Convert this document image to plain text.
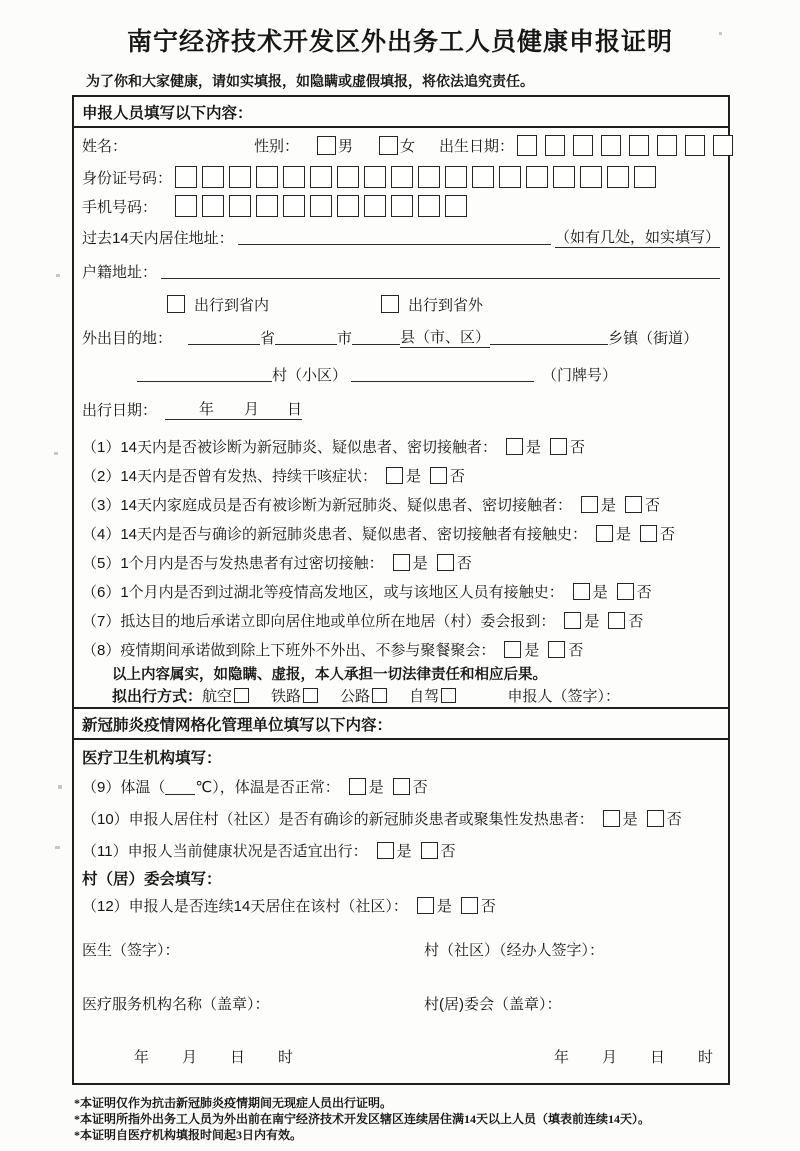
南宁经济技术开发区外出务工人员健康申报证明
为了你和大家健康，请如实填报，如隐瞒或虚假填报，将依法追究责任。
申报人员填写以下内容：
姓名：	性别：	男	女 出生日期：
身份证号码：
手机号码：
过去14天内居住地址：	（如有几处，如实填写）
户籍地址：
出行到省内	出行到省外
外出目的地：	省	市	县（市、区）	乡镇（街道）
村（小区）	（门牌号）
出行日期：	年 月 日
（1）14天内是否被诊断为新冠肺炎、疑似患者、密切接触者： 是 否
（2）14天内是否曾有发热、持续干咳症状： 是 否
（3）14天内家庭成员是否有被诊断为新冠肺炎、疑似患者、密切接触者： 是 否
（4）14天内是否与确诊的新冠肺炎患者、疑似患者、密切接触者有接触史： 是 否
（5）1个月内是否与发热患者有过密切接触： 是 否
（6）1个月内是否到过湖北等疫情高发地区，或与该地区人员有接触史： 是 否
（7）抵达目的地后承诺立即向居住地或单位所在地居（村）委会报到： 是 否
（8）疫情期间承诺做到除上下班外不外出、不参与聚餐聚会： 是 否
以上内容属实，如隐瞒、虚报，本人承担一切法律责任和相应后果。
拟出行方式： 航空	铁路	公路	自驾	申报人（签字）：
新冠肺炎疫情网格化管理单位填写以下内容：
医疗卫生机构填写：
（9）体温（ ℃），体温是否正常： 是 否
（10）申报人居住村（社区）是否有确诊的新冠肺炎患者或聚集性发热患者： 是 否
（11）申报人当前健康状况是否适宜出行： 是 否
村（居）委会填写：
（12）申报人是否连续14天居住在该村（社区）： 是 否
医生（签字）：	村（社区）（经办人签字）：
医疗服务机构名称（盖章）：	村(居)委会（盖章）：
年 月 日 时	年 月 日 时
*本证明仅作为抗击新冠肺炎疫情期间无现症人员出行证明。
*本证明所指外出务工人员为外出前在南宁经济技术开发区辖区连续居住满14天以上人员（填表前连续14天）。
*本证明自医疗机构填报时间起3日内有效。
